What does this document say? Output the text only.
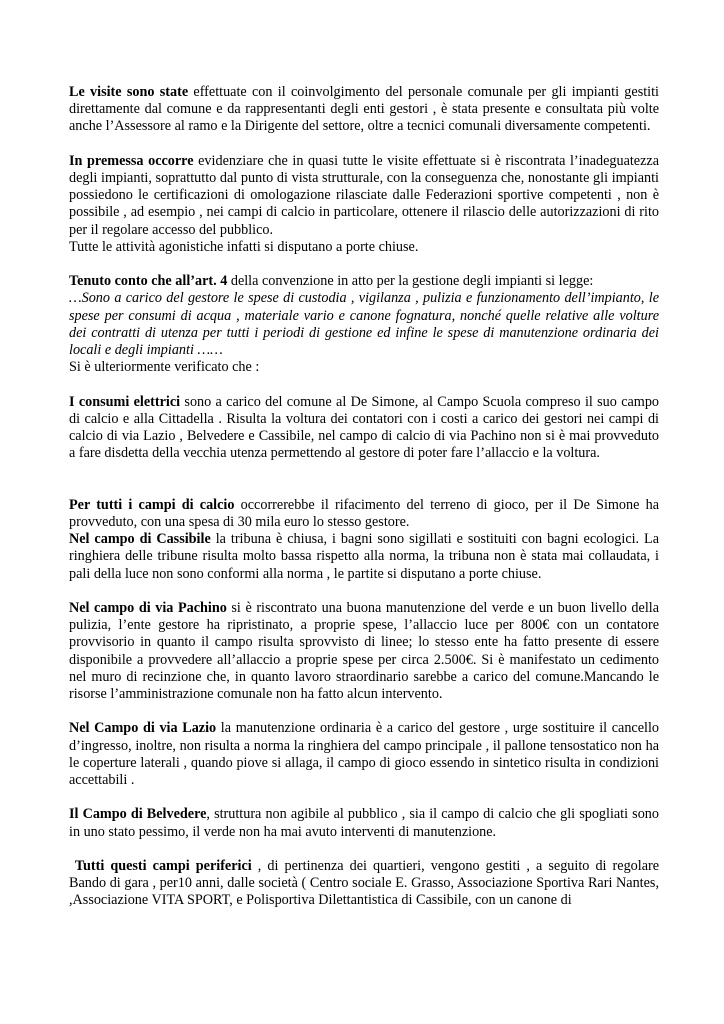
Le visite sono state effettuate con il coinvolgimento del personale comunale per gli impianti gestiti direttamente dal comune e da rappresentanti degli enti gestori , è stata presente e consultata più volte anche l’Assessore al ramo e la Dirigente del settore, oltre a tecnici comunali diversamente competenti.

In premessa occorre evidenziare che in quasi tutte le visite effettuate si è riscontrata l’inadeguatezza degli impianti, soprattutto dal punto di vista strutturale, con la conseguenza che, nonostante gli impianti possiedono le certificazioni di omologazione rilasciate dalle Federazioni sportive competenti , non è possibile , ad esempio , nei campi di calcio in particolare, ottenere il rilascio delle autorizzazioni di rito per il regolare accesso del pubblico.
Tutte le attività agonistiche infatti si disputano a porte chiuse.

Tenuto conto che all’art. 4 della convenzione in atto per la gestione degli impianti si legge:
…Sono a carico del gestore le spese di custodia , vigilanza , pulizia e funzionamento dell’impianto, le spese per consumi di acqua , materiale vario e canone fognatura, nonché quelle relative alle volture dei contratti di utenza per tutti i periodi di gestione ed infine le spese di manutenzione ordinaria dei locali e degli impianti ……
Si è ulteriormente verificato che :

I consumi elettrici sono a carico del comune al De Simone, al Campo Scuola compreso il suo campo di calcio e alla Cittadella . Risulta la voltura dei contatori con i costi a carico dei gestori nei campi di calcio di via Lazio , Belvedere e Cassibile, nel campo di calcio di via Pachino non si è mai provveduto a fare disdetta della vecchia utenza permettendo al gestore di poter fare l’allaccio e la voltura.

Per tutti i campi di calcio occorrerebbe il rifacimento del terreno di gioco, per il De Simone ha provveduto, con una spesa di 30 mila euro lo stesso gestore.
Nel campo di Cassibile la tribuna è chiusa, i bagni sono sigillati e sostituiti con bagni ecologici. La ringhiera delle tribune risulta molto bassa rispetto alla norma, la tribuna non è stata mai collaudata, i pali della luce non sono conformi alla norma , le partite si disputano a porte chiuse.

Nel campo di via Pachino si è riscontrato una buona manutenzione del verde e un buon livello della pulizia, l’ente gestore ha ripristinato, a proprie spese, l’allaccio luce per 800€ con un contatore provvisorio in quanto il campo risulta sprovvisto di linee; lo stesso ente ha fatto presente di essere disponibile a provvedere all’allaccio a proprie spese per circa 2.500€. Si è manifestato un cedimento nel muro di recinzione che, in quanto lavoro straordinario sarebbe a carico del comune.Mancando le risorse l’amministrazione comunale non ha fatto alcun intervento.

Nel Campo di via Lazio la manutenzione ordinaria è a carico del gestore , urge sostituire il cancello d’ingresso, inoltre, non risulta a norma la ringhiera del campo principale , il pallone tensostatico non ha le coperture laterali , quando piove si allaga, il campo di gioco essendo in sintetico risulta in condizioni accettabili .

Il Campo di Belvedere, struttura non agibile al pubblico , sia il campo di calcio che gli spogliati sono in uno stato pessimo, il verde non ha mai avuto interventi di manutenzione.

Tutti questi campi periferici , di pertinenza dei quartieri, vengono gestiti , a seguito di regolare Bando di gara , per10 anni, dalle società ( Centro sociale E. Grasso, Associazione Sportiva Rari Nantes, ,Associazione VITA SPORT, e Polisportiva Dilettantistica di Cassibile, con un canone di
